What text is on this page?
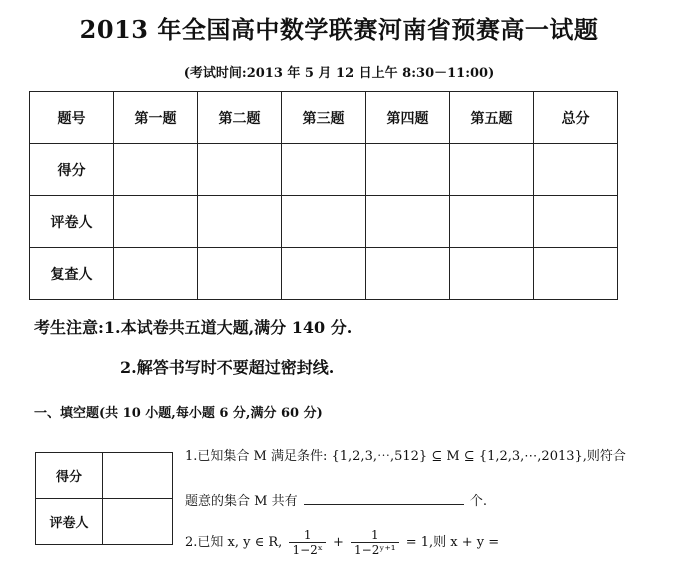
2013 年全国高中数学联赛河南省预赛高一试题
(考试时间:2013 年 5 月 12 日上午 8:30－11:00)
题号	第一题	第二题	第三题	第四题	第五题	总分
得分						
评卷人						
复查人						
考生注意:1.本试卷共五道大题,满分 140 分.
2.解答书写时不要超过密封线.
一、填空题(共 10 小题,每小题 6 分,满分 60 分)
得分	
评卷人	
1.已知集合 M 满足条件: {1,2,3,⋯,512} ⊆ M ⊆ {1,2,3,⋯,2013},则符合
题意的集合 M 共有	个.
2.已知 x, y ∈ R, $\frac{1}{\text{1−2ˣ}} + \frac{1}{\text{1−2ʸ⁺¹}} = 1$,则 x + y =
